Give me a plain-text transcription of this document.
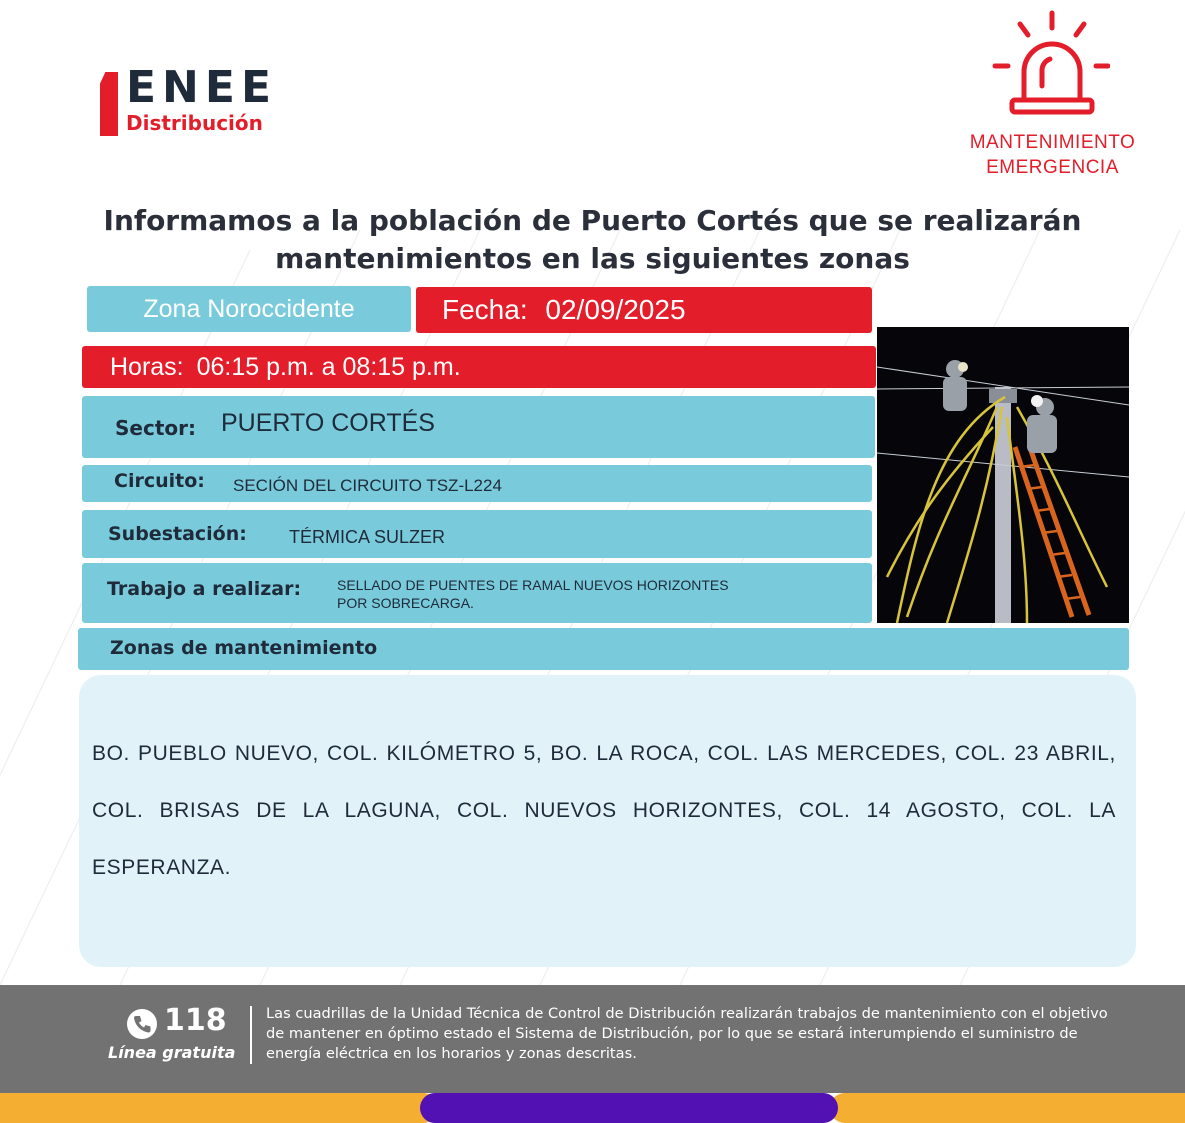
ENEE
Distribución
MANTENIMIENTO
EMERGENCIA
Informamos a la población de Puerto Cortés que se realizarán
mantenimientos en las siguientes zonas
Zona Noroccidente	Fecha: 02/09/2025
Horas: 06:15 p.m. a 08:15 p.m.
Sector: PUERTO CORTÉS
Circuito: SECIÓN DEL CIRCUITO TSZ-L224
Subestación: TÉRMICA SULZER
Trabajo a realizar:	SELLADO DE PUENTES DE RAMAL NUEVOS HORIZONTES
POR SOBRECARGA.
Zonas de mantenimiento

BO. PUEBLO NUEVO, COL. KILÓMETRO 5, BO. LA ROCA, COL. LAS MERCEDES, COL. 23 ABRIL, COL. BRISAS DE LA LAGUNA, COL. NUEVOS HORIZONTES, COL. 14 AGOSTO, COL. LA ESPERANZA.

118
Línea gratuita
Las cuadrillas de la Unidad Técnica de Control de Distribución realizarán trabajos de mantenimiento con el objetivo de mantener en óptimo estado el Sistema de Distribución, por lo que se estará interumpiendo el suministro de energía eléctrica en los horarios y zonas descritas.
